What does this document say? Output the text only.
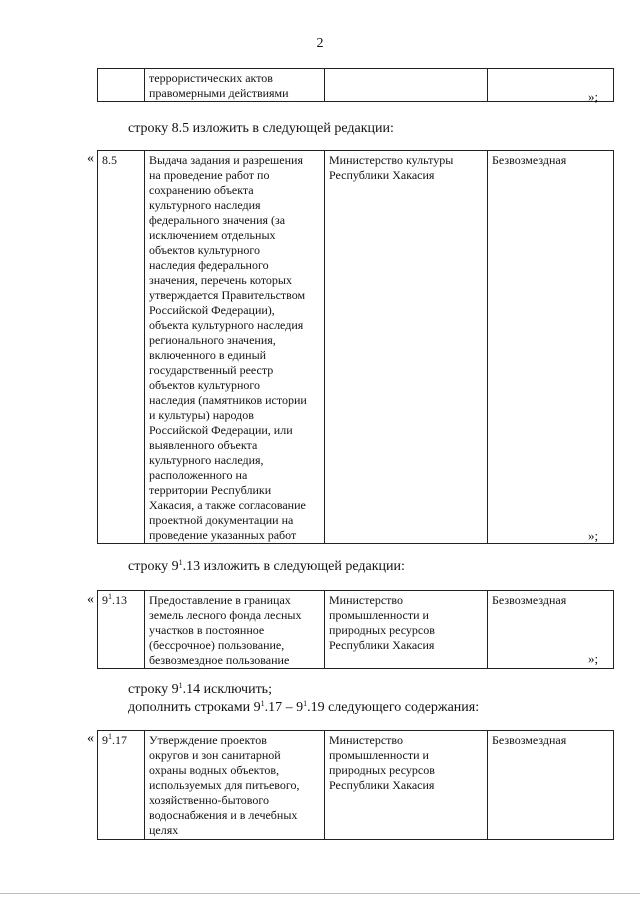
2
	террористических актов
правомерными действиями			»;
строку 8.5 изложить в следующей редакции:
« 8.5	Выдача задания и разрешения
на проведение работ по
сохранению объекта
культурного наследия
федерального значения (за
исключением отдельных
объектов культурного
наследия федерального
значения, перечень которых
утверждается Правительством
Российской Федерации),
объекта культурного наследия
регионального значения,
включенного в единый
государственный реестр
объектов культурного
наследия (памятников истории
и культуры) народов
Российской Федерации, или
выявленного объекта
культурного наследия,
расположенного на
территории Республики
Хакасия, а также согласование
проектной документации на
проведение указанных работ	Министерство культуры
Республики Хакасия	Безвозмездная
»;
строку $9^1.13$ изложить в следующей редакции:
« $9^1.13$	Предоставление в границах
земель лесного фонда лесных
участков в постоянное
(бессрочное) пользование,
безвозмездное пользование	Министерство
промышленности и
природных ресурсов
Республики Хакасия	Безвозмездная
»;
строку $9^1.14$ исключить;
дополнить строками $9^1.17 - 9^1.19$ следующего содержания:
« $9^1.17$	Утверждение проектов
округов и зон санитарной
охраны водных объектов,
используемых для питьевого,
хозяйственно-бытового
водоснабжения и в лечебных
целях	Министерство
промышленности и
природных ресурсов
Республики Хакасия	Безвозмездная
